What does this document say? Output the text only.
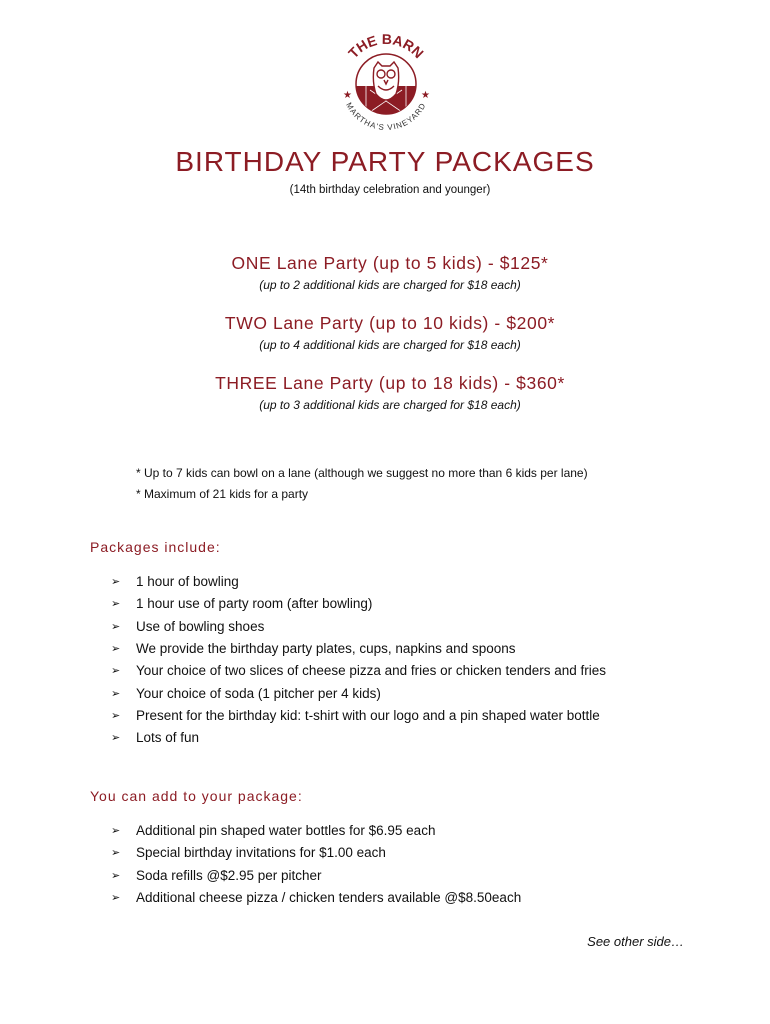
THE BARN
MARTHA'S VINEYARD
★	★
BIRTHDAY PARTY PACKAGES
(14th birthday celebration and younger)
ONE Lane Party (up to 5 kids) - $125*
(up to 2 additional kids are charged for $18 each)
TWO Lane Party (up to 10 kids) - $200*
(up to 4 additional kids are charged for $18 each)
THREE Lane Party (up to 18 kids) - $360*
(up to 3 additional kids are charged for $18 each)
* Up to 7 kids can bowl on a lane (although we suggest no more than 6 kids per lane)
* Maximum of 21 kids for a party
Packages include:
➢	1 hour of bowling
➢	1 hour use of party room (after bowling)
➢	Use of bowling shoes
➢	We provide the birthday party plates, cups, napkins and spoons
➢	Your choice of two slices of cheese pizza and fries or chicken tenders and fries
➢	Your choice of soda (1 pitcher per 4 kids)
➢	Present for the birthday kid: t-shirt with our logo and a pin shaped water bottle
➢	Lots of fun
You can add to your package:
➢	Additional pin shaped water bottles for $6.95 each
➢	Special birthday invitations for $1.00 each
➢	Soda refills @$2.95 per pitcher
➢	Additional cheese pizza / chicken tenders available @$8.50each
See other side…
